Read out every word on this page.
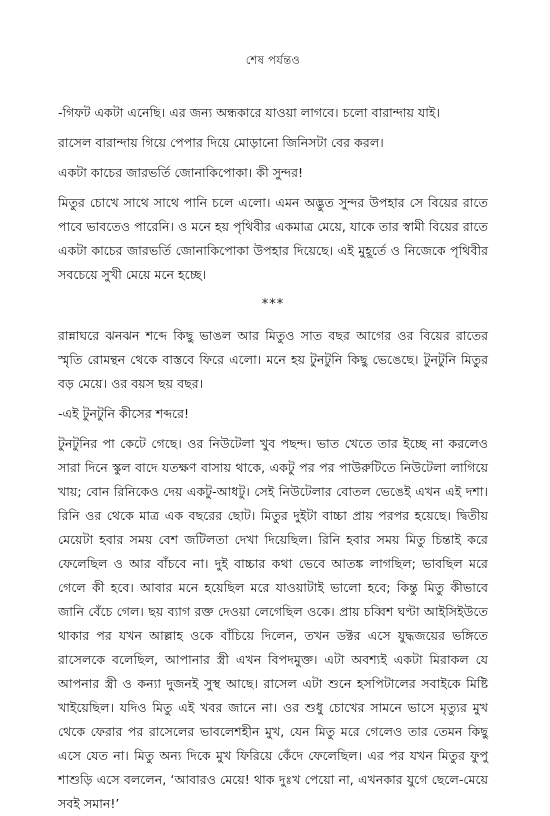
শেষ পর্যন্তও

-গিফট একটা এনেছি। এর জন্য অন্ধকারে যাওয়া লাগবে। চলো বারান্দায় যাই।

রাসেল বারান্দায় গিয়ে পেপার দিয়ে মোড়ানো জিনিসটা বের করল।

একটা কাচের জারভর্তি জোনাকিপোকা। কী সুন্দর!

মিতুর চোখে সাথে সাথে পানি চলে এলো। এমন অদ্ভুত সুন্দর উপহার সে বিয়ের রাতে পাবে ভাবতেও পারেনি। ও মনে হয় পৃথিবীর একমাত্র মেয়ে, যাকে তার স্বামী বিয়ের রাতে একটা কাচের জারভর্তি জোনাকিপোকা উপহার দিয়েছে। এই মুহূর্তে ও নিজেকে পৃথিবীর সবচেয়ে সুখী মেয়ে মনে হচ্ছে।

***

রান্নাঘরে ঝনঝন শব্দে কিছু ভাঙল আর মিতুও সাত বছর আগের ওর বিয়ের রাতের স্মৃতি রোমন্থন থেকে বাস্তবে ফিরে এলো। মনে হয় টুনটুনি কিছু ভেঙেছে। টুনটুনি মিতুর বড় মেয়ে। ওর বয়স ছয় বছর।

-এই টুনটুনি কীসের শব্দরে!

টুনটুনির পা কেটে গেছে। ওর নিউটেলা খুব পছন্দ। ভাত খেতে তার ইচ্ছে না করলেও সারা দিনে স্কুল বাদে যতক্ষণ বাসায় থাকে, একটু পর পর পাউরুটিতে নিউটেলা লাগিয়ে খায়; বোন রিনিকেও দেয় একটু-আধটু। সেই নিউটেলার বোতল ভেঙেই এখন এই দশা। রিনি ওর থেকে মাত্র এক বছরের ছোট। মিতুর দুইটা বাচ্চা প্রায় পরপর হয়েছে। দ্বিতীয় মেয়েটা হবার সময় বেশ জটিলতা দেখা দিয়েছিল। রিনি হবার সময় মিতু চিন্তাই করে ফেলেছিল ও আর বাঁচবে না। দুই বাচ্চার কথা ভেবে আতঙ্ক লাগছিল; ভাবছিল মরে গেলে কী হবে। আবার মনে হয়েছিল মরে যাওয়াটাই ভালো হবে; কিন্তু মিতু কীভাবে জানি বেঁচে গেল। ছয় ব্যাগ রক্ত দেওয়া লেগেছিল ওকে। প্রায় চব্বিশ ঘণ্টা আইসিইউতে থাকার পর যখন আল্লাহ ওকে বাঁচিয়ে দিলেন, তখন ডক্টর এসে যুদ্ধজয়ের ভঙ্গিতে রাসেলকে বলেছিল, আপানার স্ত্রী এখন বিপদমুক্ত। এটা অবশ্যই একটা মিরাকল যে আপনার স্ত্রী ও কন্যা দুজনই সুস্থ আছে। রাসেল এটা শুনে হসপিটালের সবাইকে মিষ্টি খাইয়েছিল। যদিও মিতু এই খবর জানে না। ওর শুধু চোখের সামনে ভাসে মৃত্যুর মুখ থেকে ফেরার পর রাসেলের ভাবলেশহীন মুখ, যেন মিতু মরে গেলেও তার তেমন কিছু এসে যেত না। মিতু অন্য দিকে মুখ ফিরিয়ে কেঁদে ফেলেছিল। এর পর যখন মিতুর ফুপু শাশুড়ি এসে বললেন, ‘আবারও মেয়ে! থাক দুঃখ পেয়ো না, এখনকার যুগে ছেলে-মেয়ে সবই সমান!’
